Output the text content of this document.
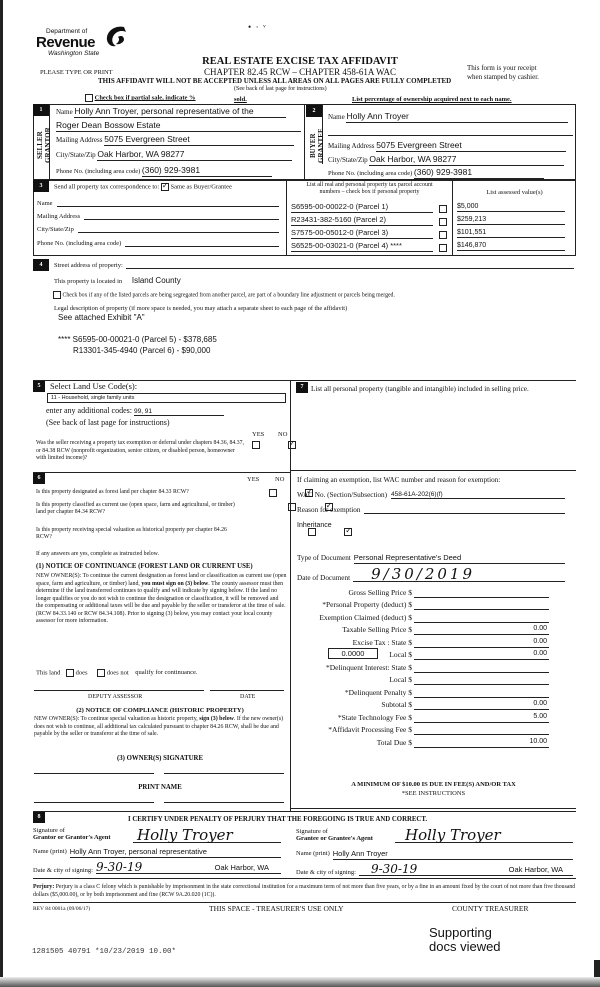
Department of
Revenue
Washington State
•  ·  ᵛ
PLEASE TYPE OR PRINT
REAL ESTATE EXCISE TAX AFFIDAVIT
CHAPTER 82.45 RCW – CHAPTER 458-61A WAC
THIS AFFIDAVIT WILL NOT BE ACCEPTED UNLESS ALL AREAS ON ALL PAGES ARE FULLY COMPLETED
This form is your receipt
when stamped by cashier.
(See back of last page for instructions)
Check box if partial sale, indicate %	sold.	List percentage of ownership acquired next to each name.
1
SELLER GRANTOR
Name Holly Ann Troyer, personal representative of the
Roger Dean Bossow Estate
Mailing Address 5075 Evergreen Street
City/State/Zip Oak Harbor, WA 98277
Phone No. (including area code) (360) 929-3981
2
BUYER GRANTEE
Name Holly Ann Troyer
Mailing Address 5075 Evergreen Street
City/State/Zip Oak Harbor, WA 98277
Phone No. (including area code) (360) 929-3981
3	Send all property tax correspondence to: ✓ Same as Buyer/Grantee
Name
Mailing Address
City/State/Zip
Phone No. (including area code)
List all real and personal property tax parcel account
numbers – check box if personal property	List assessed value(s)
S6595-00-00022-0 (Parcel 1)	$5,000
R23431-382-5160 (Parcel 2)	$259,213
S7575-00-05012-0 (Parcel 3)	$101,551
S6525-00-03021-0 (Parcel 4) ****	$146,870
4	Street address of property:
This property is located in Island County
Check box if any of the listed parcels are being segregated from another parcel, are part of a boundary line adjustment or parcels being merged.
Legal description of property (if more space is needed, you may attach a separate sheet to each page of the affidavit)
See attached Exhibit "A"
**** S6595-00-00021-0 (Parcel 5) - $378,685
R13301-345-4940 (Parcel 6) - $90,000
5	Select Land Use Code(s):
11 - Household, single family units
enter any additional codes: 99, 91
(See back of last page for instructions)
YES NO
Was the seller receiving a property tax exemption or deferral under chapters 84.36, 84.37, or 84.38 RCW (nonprofit organization, senior citizen, or disabled person, homeowner with limited income)?
✓
6	YES NO
Is this property designated as forest land per chapter 84.33 RCW?
✓
Is this property classified as current use (open space, farm and agricultural, or timber) land per chapter 84.34 RCW?
✓
Is this property receiving special valuation as historical property per chapter 84.26 RCW?
✓
If any answers are yes, complete as instructed below.
(1) NOTICE OF CONTINUANCE (FOREST LAND OR CURRENT USE)
NEW OWNER(S): To continue the current designation as forest land or classification as current use (open space, farm and agriculture, or timber) land, you must sign on (3) below. The county assessor must then determine if the land transferred continues to qualify and will indicate by signing below. If the land no longer qualifies or you do not wish to continue the designation or classification, it will be removed and the compensating or additional taxes will be due and payable by the seller or transferor at the time of sale. (RCW 84.33.140 or RCW 84.34.108). Prior to signing (3) below, you may contact your local county assessor for more information.
This land does	does not qualify for continuance.
DEPUTY ASSESSOR	DATE
(2) NOTICE OF COMPLIANCE (HISTORIC PROPERTY)
NEW OWNER(S): To continue special valuation as historic property, sign (3) below. If the new owner(s) does not wish to continue, all additional tax calculated pursuant to chapter 84.26 RCW, shall be due and payable by the seller or transferor at the time of sale.
(3) OWNER(S) SIGNATURE
PRINT NAME
7	List all personal property (tangible and intangible) included in selling price.
If claiming an exemption, list WAC number and reason for exemption:
WAC No. (Section/Subsection) 458-61A-202(6)(f)
Reason for exemption
Inheritance
Type of Document Personal Representative's Deed
Date of Document	9/30/2019
Gross Selling Price $
*Personal Property (deduct) $
Exemption Claimed (deduct) $
Taxable Selling Price $	0.00
Excise Tax : State $	0.00
0.0000	Local $	0.00
*Delinquent Interest: State $
Local $
*Delinquent Penalty $
Subtotal $	0.00
*State Technology Fee $	5.00
*Affidavit Processing Fee $
Total Due $	10.00
A MINIMUM OF $10.00 IS DUE IN FEE(S) AND/OR TAX
*SEE INSTRUCTIONS
8	I CERTIFY UNDER PENALTY OF PERJURY THAT THE FOREGOING IS TRUE AND CORRECT.
Signature of
Grantor or Grantor's Agent Holly Troyer
Name (print) Holly Ann Troyer, personal representative
Date & city of signing: 9-30-19	Oak Harbor, WA
Signature of
Grantee or Grantee's Agent	Holly Troyer
Name (print) Holly Ann Troyer
Date & city of signing: 9-30-19	Oak Harbor, WA
Perjury: Perjury is a class C felony which is punishable by imprisonment in the state correctional institution for a maximum term of not more than five years, or by a fine in an amount fixed by the court of not more than five thousand dollars ($5,000.00), or by both imprisonment and fine (RCW 9A.20.020 (1C)).
REV 84 0001a (09/06/17)	THIS SPACE - TREASURER'S USE ONLY	COUNTY TREASURER
Supporting
docs viewed
1281505 40791 *10/23/2019 10.00*
